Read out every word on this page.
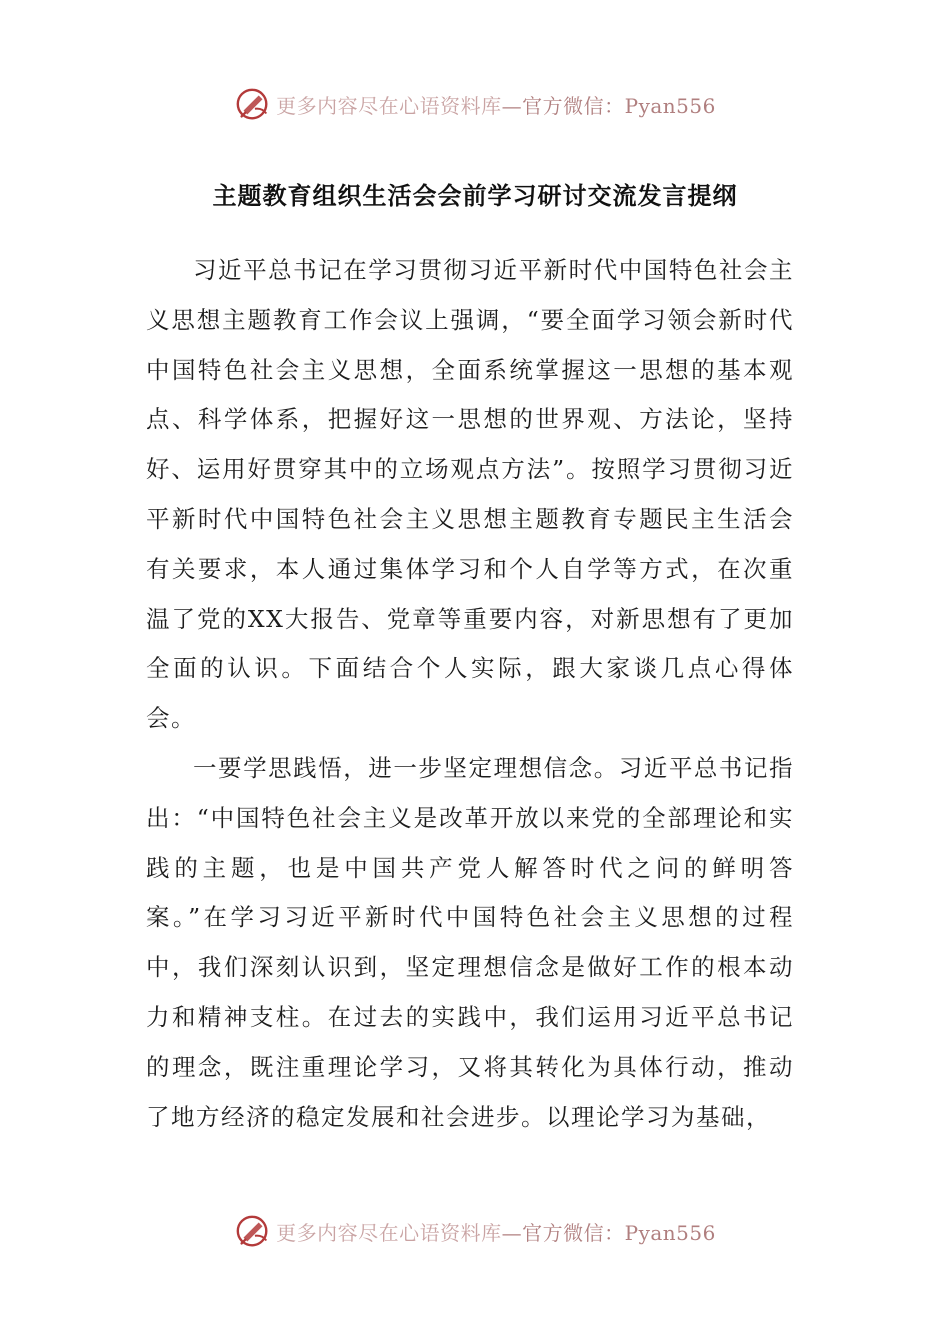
更多内容尽在心语资料库—官方微信：Pyan556
主题教育组织生活会会前学习研讨交流发言提纲

习近平总书记在学习贯彻习近平新时代中国特色社会主义思想主题教育工作会议上强调，“要全面学习领会新时代中国特色社会主义思想，全面系统掌握这一思想的基本观点、科学体系，把握好这一思想的世界观、方法论，坚持好、运用好贯穿其中的立场观点方法”。按照学习贯彻习近平新时代中国特色社会主义思想主题教育专题民主生活会有关要求，本人通过集体学习和个人自学等方式，在次重温了党的XX大报告、党章等重要内容，对新思想有了更加全面的认识。下面结合个人实际，跟大家谈几点心得体会。

一要学思践悟，进一步坚定理想信念。习近平总书记指出：“中国特色社会主义是改革开放以来党的全部理论和实践的主题，也是中国共产党人解答时代之问的鲜明答案。”在学习习近平新时代中国特色社会主义思想的过程中，我们深刻认识到，坚定理想信念是做好工作的根本动力和精神支柱。在过去的实践中，我们运用习近平总书记的理念，既注重理论学习，又将其转化为具体行动，推动了地方经济的稳定发展和社会进步。以理论学习为基础，

更多内容尽在心语资料库—官方微信：Pyan556
